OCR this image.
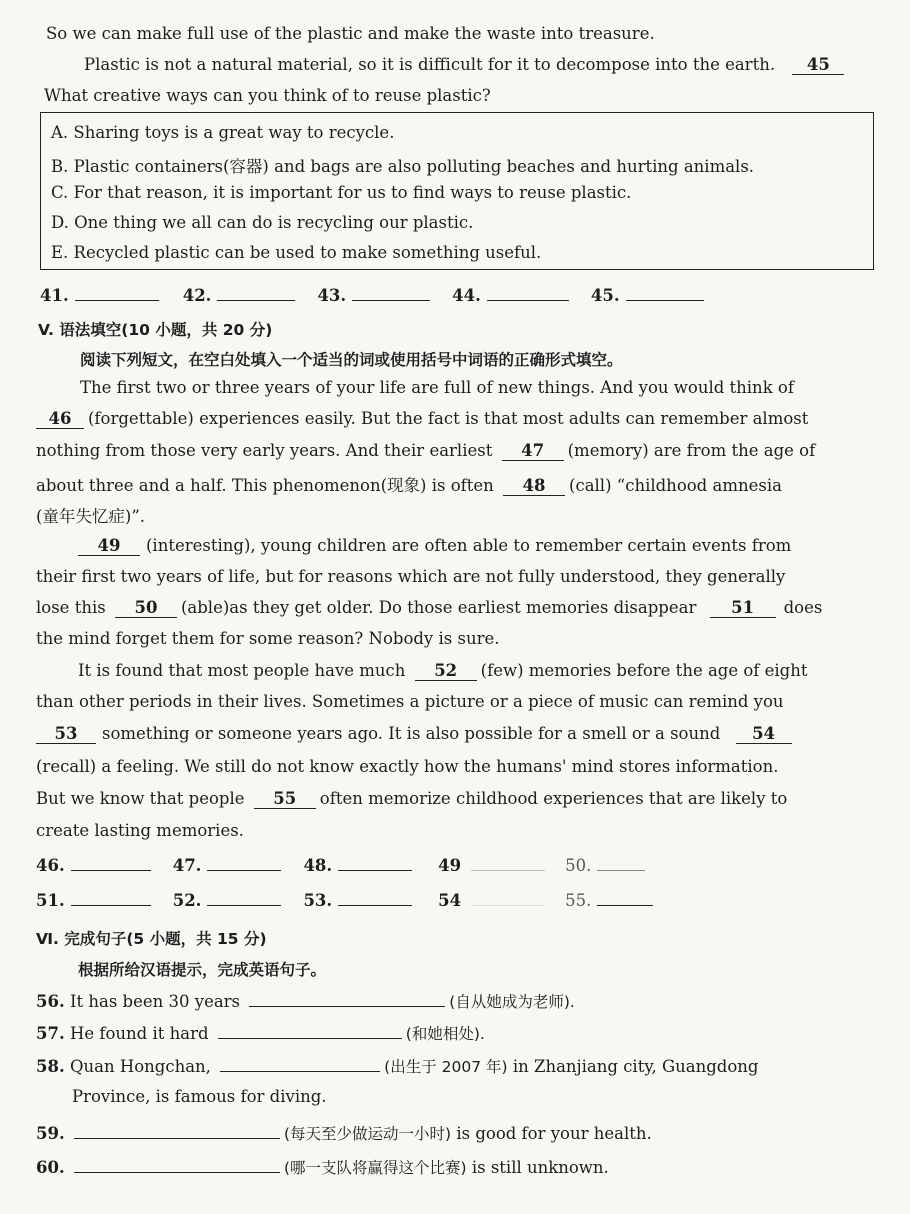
So we can make full use of the plastic and make the waste into treasure.
Plastic is not a natural material, so it is difficult for it to decompose into the earth. 45
What creative ways can you think of to reuse plastic?
A. Sharing toys is a great way to recycle.
B. Plastic containers(容器) and bags are also polluting beaches and hurting animals.
C. For that reason, it is important for us to find ways to reuse plastic.
D. One thing we all can do is recycling our plastic.
E. Recycled plastic can be used to make something useful.
41.	42.	43.	44.	45.
V. 语法填空(10 小题，共 20 分)
阅读下列短文，在空白处填入一个适当的词或使用括号中词语的正确形式填空。
The first two or three years of your life are full of new things. And you would think of
46 (forgettable) experiences easily. But the fact is that most adults can remember almost
nothing from those very early years. And their earliest 47 (memory) are from the age of
about three and a half. This phenomenon(现象) is often 48 (call) “childhood amnesia
(童年失忆症)”.
49 (interesting), young children are often able to remember certain events from
their first two years of life, but for reasons which are not fully understood, they generally
lose this 50 (able)as they get older. Do those earliest memories disappear 51 does
the mind forget them for some reason? Nobody is sure.
It is found that most people have much 52 (few) memories before the age of eight
than other periods in their lives. Sometimes a picture or a piece of music can remind you
53 something or someone years ago. It is also possible for a smell or a sound 54
(recall) a feeling. We still do not know exactly how the humans' mind stores information.
But we know that people 55 often memorize childhood experiences that are likely to
create lasting memories.
46.	47.	48.	49	50.
51.	52.	53.	54	55.
Ⅵ. 完成句子(5 小题，共 15 分)
根据所给汉语提示，完成英语句子。
56. It has been 30 years	(自从她成为老师).
57. He found it hard	(和她相处).
58. Quan Hongchan,	(出生于 2007 年) in Zhanjiang city, Guangdong
Province, is famous for diving.
59.	(每天至少做运动一小时) is good for your health.
60.	(哪一支队将赢得这个比赛) is still unknown.
